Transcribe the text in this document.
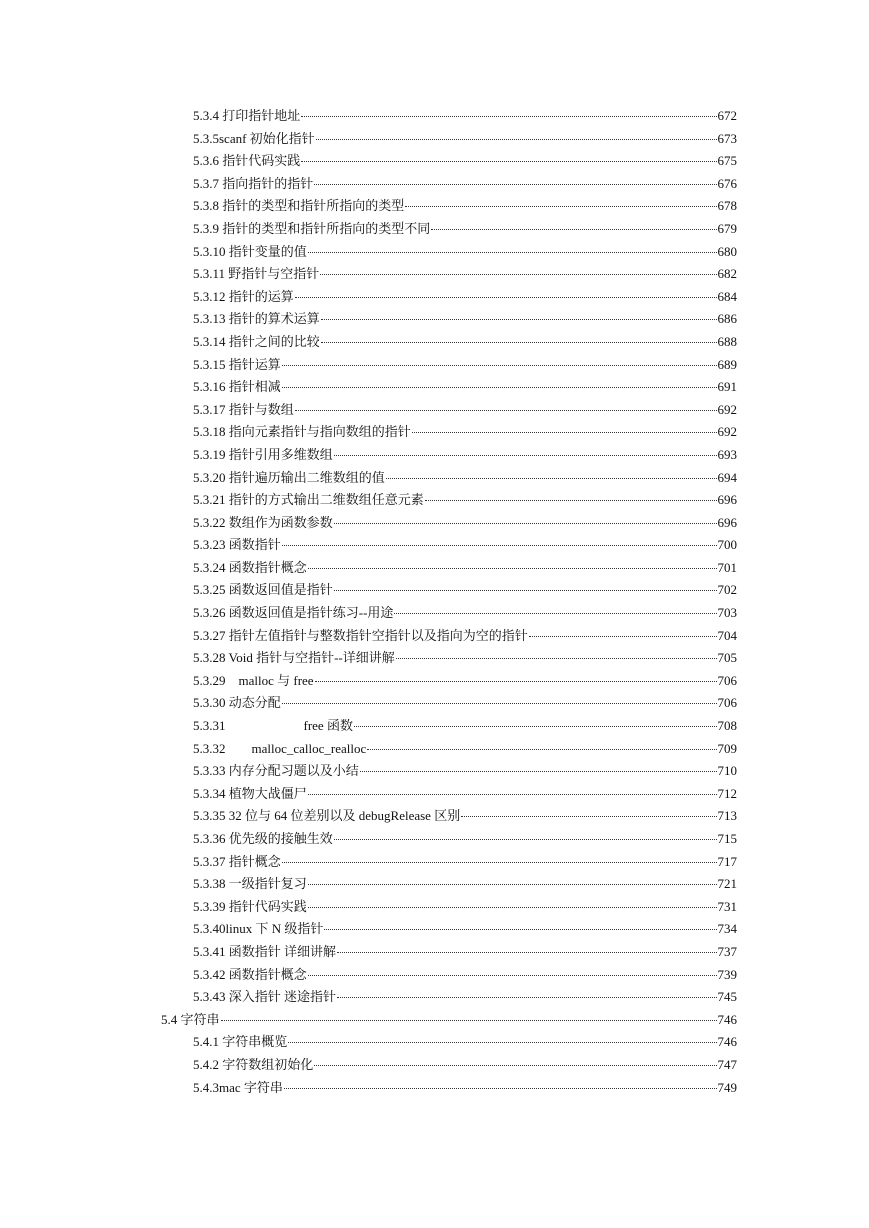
5.3.4 打印指针地址	672
5.3.5scanf 初始化指针	673
5.3.6 指针代码实践	675
5.3.7 指向指针的指针	676
5.3.8 指针的类型和指针所指向的类型	678
5.3.9 指针的类型和指针所指向的类型不同	679
5.3.10 指针变量的值	680
5.3.11 野指针与空指针	682
5.3.12 指针的运算	684
5.3.13 指针的算术运算	686
5.3.14 指针之间的比较	688
5.3.15 指针运算	689
5.3.16 指针相减	691
5.3.17 指针与数组	692
5.3.18 指向元素指针与指向数组的指针	692
5.3.19 指针引用多维数组	693
5.3.20 指针遍历输出二维数组的值	694
5.3.21 指针的方式输出二维数组任意元素	696
5.3.22 数组作为函数参数	696
5.3.23 函数指针	700
5.3.24 函数指针概念	701
5.3.25 函数返回值是指针	702
5.3.26 函数返回值是指针练习--用途	703
5.3.27 指针左值指针与整数指针空指针以及指向为空的指针	704
5.3.28 Void 指针与空指针--详细讲解	705
5.3.29　malloc 与 free	706
5.3.30 动态分配	706
5.3.31　　　　　　free 函数	708
5.3.32　　malloc_calloc_realloc	709
5.3.33 内存分配习题以及小结	710
5.3.34 植物大战僵尸	712
5.3.35 32 位与 64 位差别以及 debugRelease 区别	713
5.3.36 优先级的接触生效	715
5.3.37 指针概念	717
5.3.38 一级指针复习	721
5.3.39 指针代码实践	731
5.3.40linux 下 N 级指针	734
5.3.41 函数指针 详细讲解	737
5.3.42 函数指针概念	739
5.3.43 深入指针 迷途指针	745
5.4 字符串	746
5.4.1 字符串概览	746
5.4.2 字符数组初始化	747
5.4.3mac 字符串	749
